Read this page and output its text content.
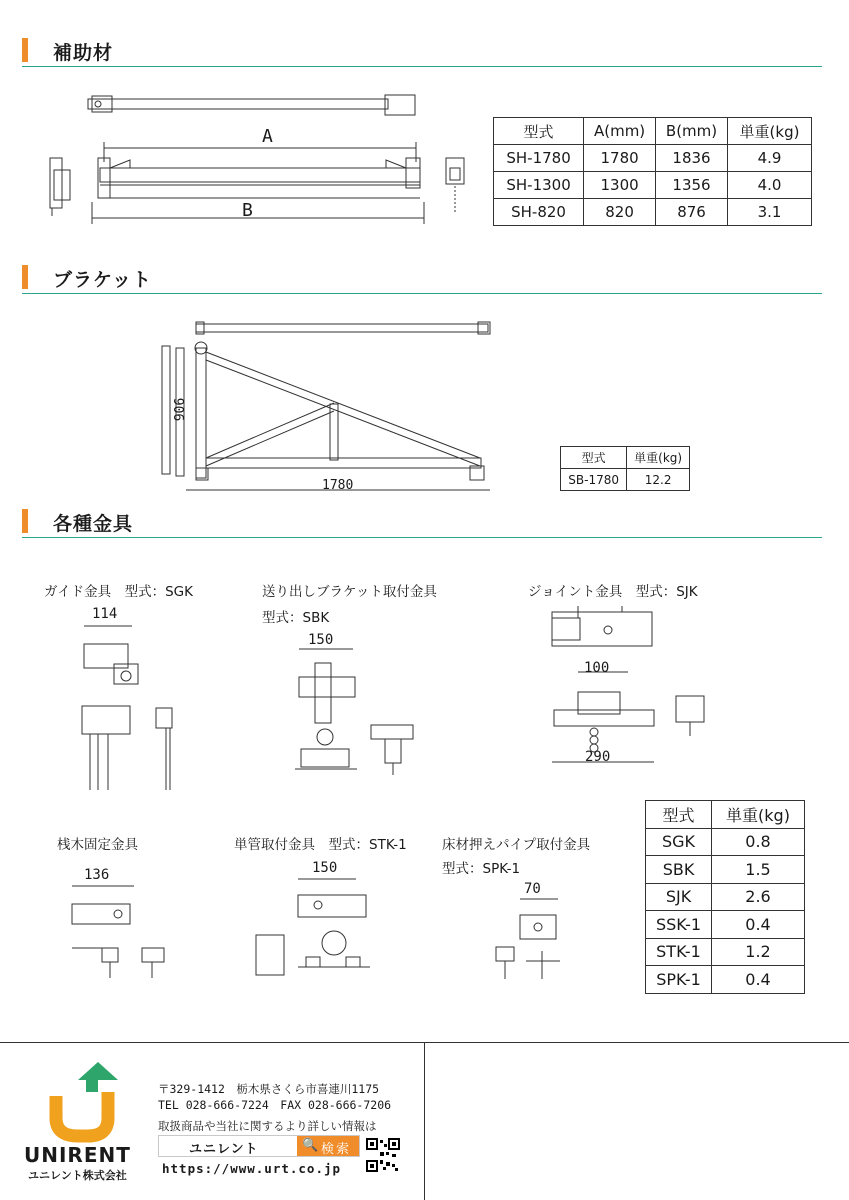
補助材
A
B
型式	A(mm)	B(mm)	単重(kg)
SH-1780	1780	1836	4.9
SH-1300	1300	1356	4.0
SH-820	820	876	3.1
ブラケット
906
1780
型式	単重(kg)
SB-1780	12.2
各種金具
ガイド金具　型式：SGK
114
送り出しブラケット取付金具
型式：SBK
150
ジョイント金具　型式：SJK
100
290
桟木固定金具
136
単管取付金具　型式：STK-1
150
床材押えパイプ取付金具
型式：SPK-1
70
型式	単重(kg)
SGK	0.8
SBK	1.5
SJK	2.6
SSK-1	0.4
STK-1	1.2
SPK-1	0.4
UNIRENT
ユニレント株式会社
〒329-1412　栃木県さくら市喜連川1175
TEL 028-666-7224　FAX 028-666-7206
取扱商品や当社に関するより詳しい情報は
ユニレント	🔍 検索
https://www.urt.co.jp
